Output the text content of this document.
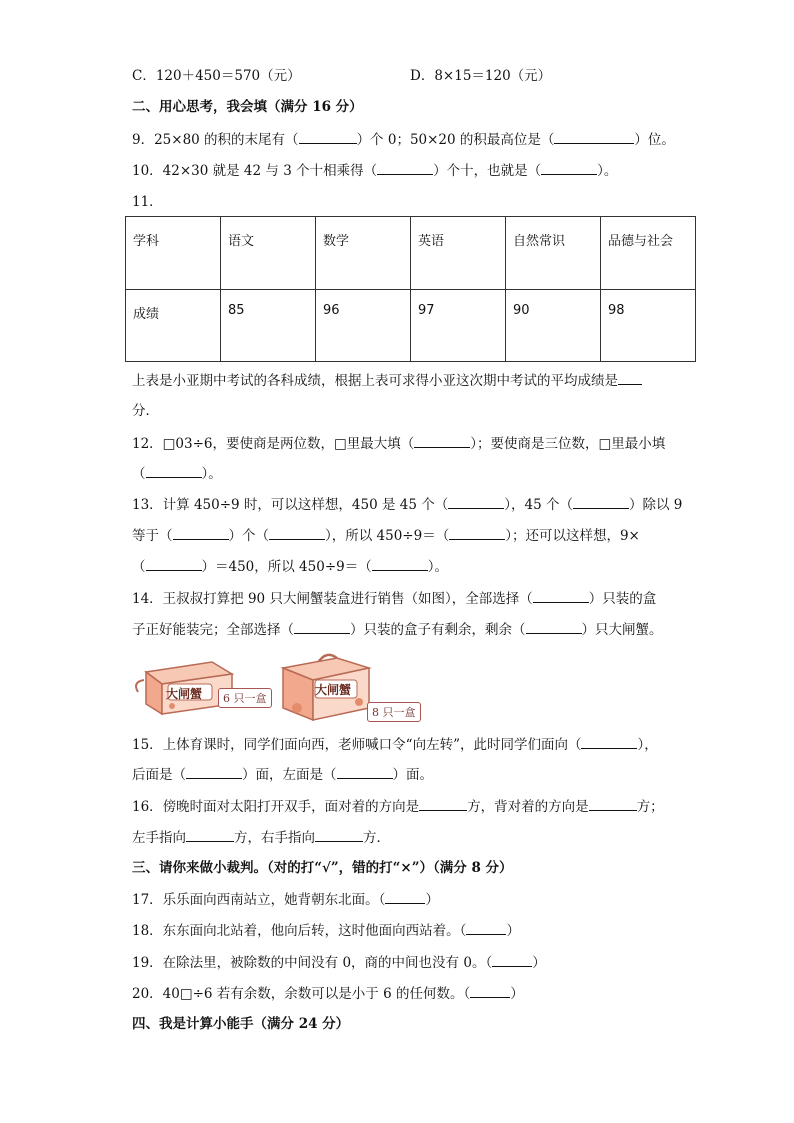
C．120＋450＝570（元）	D．8×15＝120（元）
二、用心思考，我会填（满分 16 分）
9．25×80 的积的末尾有（	）个 0；50×20 的积最高位是（	）位。
10．42×30 就是 42 与 3 个十相乘得（	）个十，也就是（	）。
11．
学科	语文	数学	英语	自然常识	品德与社会
成绩	85	96	97	90	98
上表是小亚期中考试的各科成绩，根据上表可求得小亚这次期中考试的平均成绩是
分．
12．□03÷6，要使商是两位数，□里最大填（	）；要使商是三位数，□里最小填
（	）。
13．计算 450÷9 时，可以这样想，450 是 45 个（	），45 个（	）除以 9
等于（	）个（	），所以 450÷9＝（	）；还可以这样想，9×
（	）＝450，所以 450÷9＝（	）。
14．王叔叔打算把 90 只大闸蟹装盒进行销售（如图），全部选择（	）只装的盒
子正好能装完；全部选择（	）只装的盒子有剩余，剩余（	）只大闸蟹。
大闸蟹	6 只一盒
大闸蟹
8 只一盒
15．上体育课时，同学们面向西，老师喊口令“向左转”，此时同学们面向（	），
后面是（	）面，左面是（	）面。
16．傍晚时面对太阳打开双手，面对着的方向是	方，背对着的方向是	方；
左手指向	方，右手指向	方．
三、请你来做小裁判。（对的打“√”，错的打“×”）（满分 8 分）
17．乐乐面向西南站立，她背朝东北面。（	）
18．东东面向北站着，他向后转，这时他面向西站着。（	）
19．在除法里，被除数的中间没有 0，商的中间也没有 0。（	）
20．40□÷6 若有余数，余数可以是小于 6 的任何数。（	）
四、我是计算小能手（满分 24 分）
